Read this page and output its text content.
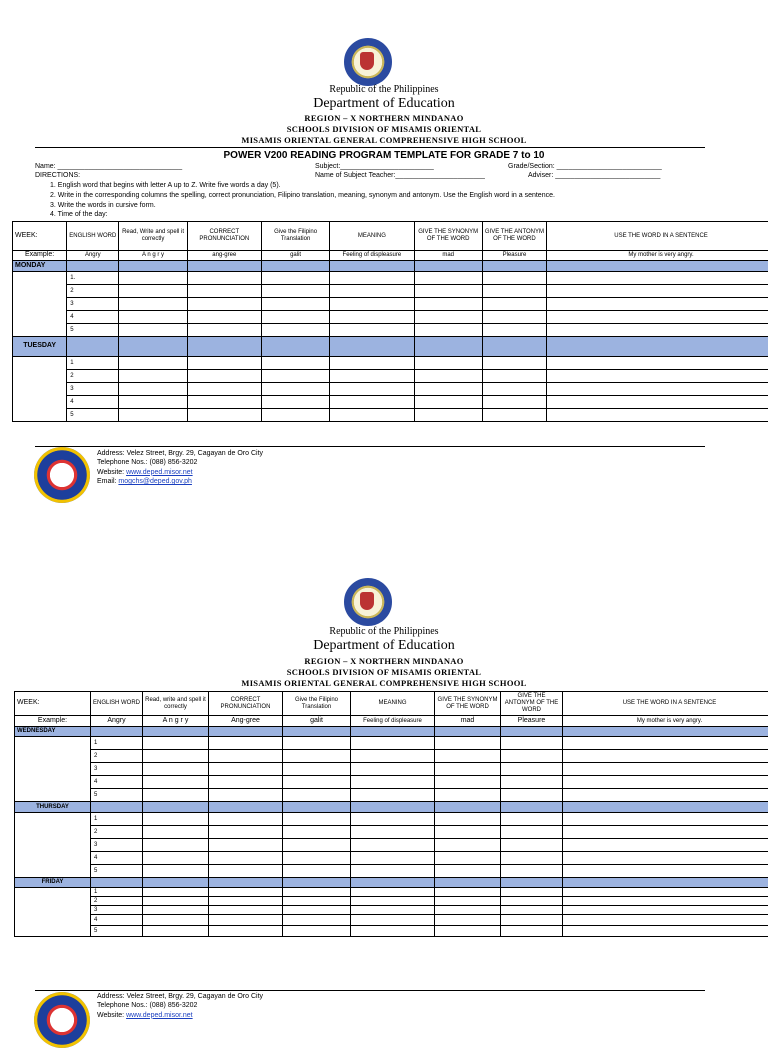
Republic of the Philippines
Department of Education
REGION – X NORTHERN MINDANAO
SCHOOLS DIVISION OF MISAMIS ORIENTAL
MISAMIS ORIENTAL GENERAL COMPREHENSIVE HIGH SCHOOL
POWER V200 READING PROGRAM TEMPLATE FOR GRADE 7 to 10
Name: ________________________________	Subject:________________________	Grade/Section: ___________________________
DIRECTIONS:	Name of Subject Teacher:_______________________	Adviser: ___________________________
1. English word that begins with letter A up to Z. Write five words a day (5).
2. Write in the corresponding columns the spelling, correct pronunciation, Filipino translation, meaning, synonym and antonym. Use the English word in a sentence.
3. Write the words in cursive form.
4. Time of the day:
WEEK:	ENGLISH WORD	Read, Write and spell it correctly	CORRECT PRONUNCIATION	Give the Filipino Translation	MEANING	GIVE THE SYNONYM OF THE WORD	GIVE THE ANTONYM OF THE WORD	USE THE WORD IN A SENTENCE
Example:	Angry	A n g r y	ang-gree	galit	Feeling of displeasure	mad	Pleasure	My mother is very angry.
MONDAY								
	1.							
	2							
	3							
	4							
	5							
TUESDAY								
	1							
	2							
	3							
	4							
	5							
Address: Velez Street, Brgy. 29, Cagayan de Oro City
Telephone Nos.: (088) 856-3202
Website: www.deped.misor.net
Email: mogchs@deped.gov.ph
Republic of the Philippines
Department of Education
REGION – X NORTHERN MINDANAO
SCHOOLS DIVISION OF MISAMIS ORIENTAL
MISAMIS ORIENTAL GENERAL COMPREHENSIVE HIGH SCHOOL
WEEK:	ENGLISH WORD	Read, write and spell it correctly	CORRECT PRONUNCIATION	Give the Filipino Translation	MEANING	GIVE THE SYNONYM OF THE WORD	GIVE THE ANTONYM OF THE WORD	USE THE WORD IN A SENTENCE
Example:	Angry	A n g r y	Ang-gree	galit	Feeling of displeasure	mad	Pleasure	My mother is very angry.
WEDNESDAY								
	1							
	2							
	3							
	4							
	5							
THURSDAY								
	1							
	2							
	3							
	4							
	5							
FRIDAY								
	1							
	2							
	3							
	4							
	5							
Address: Velez Street, Brgy. 29, Cagayan de Oro City
Telephone Nos.: (088) 856-3202
Website: www.deped.misor.net
